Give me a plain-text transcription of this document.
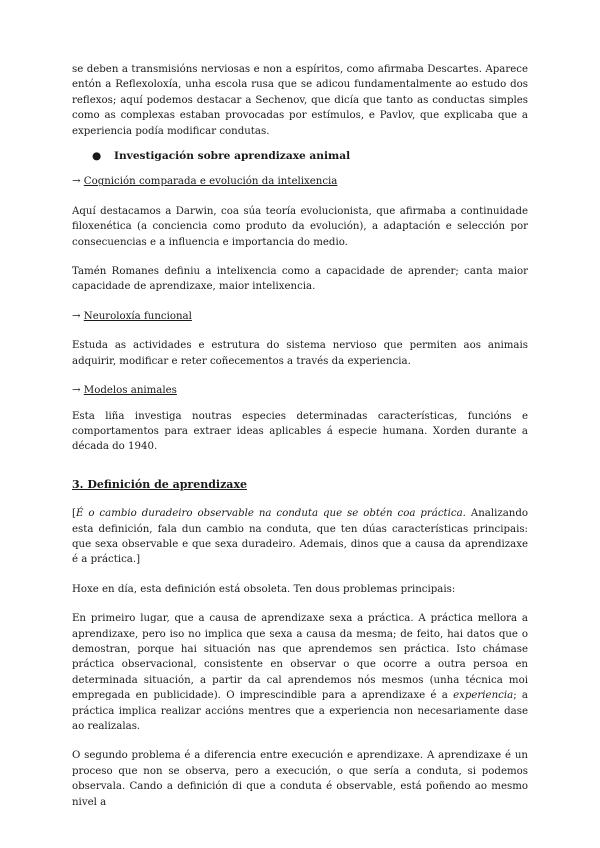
se deben a transmisións nerviosas e non a espíritos, como afirmaba Descartes. Aparece entón a Reflexoloxía, unha escola rusa que se adicou fundamentalmente ao estudo dos reflexos; aquí podemos destacar a Sechenov, que dicía que tanto as conductas simples como as complexas estaban provocadas por estímulos, e Pavlov, que explicaba que a experiencia podía modificar condutas.

●	Investigación sobre aprendizaxe animal

→ Cognición comparada e evolución da intelixencia

Aquí destacamos a Darwin, coa súa teoría evolucionista, que afirmaba a continuidade filoxenética (a conciencia como produto da evolución), a adaptación e selección por consecuencias e a influencia e importancia do medio.

Tamén Romanes definiu a intelixencia como a capacidade de aprender; canta maior capacidade de aprendizaxe, maior intelixencia.

→ Neuroloxía funcional

Estuda as actividades e estrutura do sistema nervioso que permiten aos animais adquirir, modificar e reter coñecementos a través da experiencia.

→ Modelos animales

Esta liña investiga noutras especies determinadas características, funcións e comportamentos para extraer ideas aplicables á especie humana. Xorden durante a década do 1940.

3. Definición de aprendizaxe

[É o cambio duradeiro observable na conduta que se obtén coa práctica. Analizando esta definición, fala dun cambio na conduta, que ten dúas características principais: que sexa observable e que sexa duradeiro. Ademais, dinos que a causa da aprendizaxe é a práctica.]

Hoxe en día, esta definición está obsoleta. Ten dous problemas principais:

En primeiro lugar, que a causa de aprendizaxe sexa a práctica. A práctica mellora a aprendizaxe, pero iso no implica que sexa a causa da mesma; de feito, hai datos que o demostran, porque hai situación nas que aprendemos sen práctica. Isto chámase práctica observacional, consistente en observar o que ocorre a outra persoa en determinada situación, a partir da cal aprendemos nós mesmos (unha técnica moi empregada en publicidade). O imprescindible para a aprendizaxe é a experiencia; a práctica implica realizar accións mentres que a experiencia non necesariamente dase ao realizalas.

O segundo problema é a diferencia entre execución e aprendizaxe. A aprendizaxe é un proceso que non se observa, pero a execución, o que sería a conduta, si podemos observala. Cando a definición di que a conduta é observable, está poñendo ao mesmo nivel a
